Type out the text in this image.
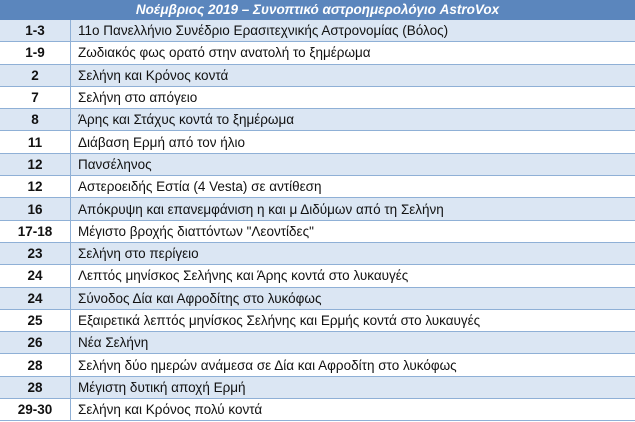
Νοέμβριος 2019 – Συνοπτικό αστροημερολόγιο AstroVox
1-3	11ο Πανελλήνιο Συνέδριο Ερασιτεχνικής Αστρονομίας (Βόλος)
1-9	Ζωδιακός φως ορατό στην ανατολή το ξημέρωμα
2	Σελήνη και Κρόνος κοντά
7	Σελήνη στο απόγειο
8	Άρης και Στάχυς κοντά το ξημέρωμα
11	Διάβαση Ερμή από τον ήλιο
12	Πανσέληνος
12	Αστεροειδής Εστία (4 Vesta) σε αντίθεση
16	Απόκρυψη και επανεμφάνιση η και μ Διδύμων από τη Σελήνη
17-18	Μέγιστο βροχής διαττόντων "Λεοντίδες"
23	Σελήνη στο περίγειο
24	Λεπτός μηνίσκος Σελήνης και Άρης κοντά στο λυκαυγές
24	Σύνοδος Δία και Αφροδίτης στο λυκόφως
25	Εξαιρετικά λεπτός μηνίσκος Σελήνης και Ερμής κοντά στο λυκαυγές
26	Νέα Σελήνη
28	Σελήνη δύο ημερών ανάμεσα σε Δία και Αφροδίτη στο λυκόφως
28	Μέγιστη δυτική αποχή Ερμή
29-30	Σελήνη και Κρόνος πολύ κοντά
